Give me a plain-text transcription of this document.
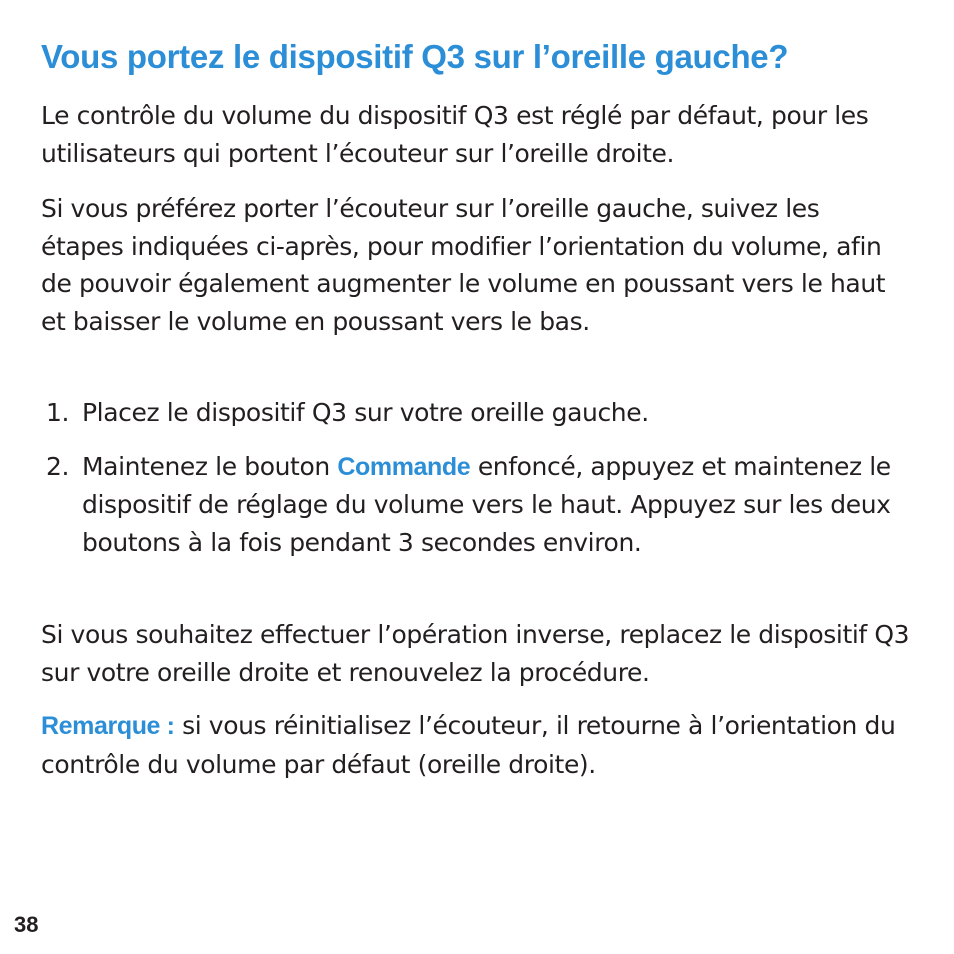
Vous portez le dispositif Q3 sur l’oreille gauche?

Le contrôle du volume du dispositif Q3 est réglé par défaut, pour les utilisateurs qui portent l’écouteur sur l’oreille droite.

Si vous préférez porter l’écouteur sur l’oreille gauche, suivez les étapes indiquées ci-après, pour modifier l’orientation du volume, afin de pouvoir également augmenter le volume en poussant vers le haut et baisser le volume en poussant vers le bas.

1. Placez le dispositif Q3 sur votre oreille gauche.
2. Maintenez le bouton Commande enfoncé, appuyez et maintenez le dispositif de réglage du volume vers le haut. Appuyez sur les deux boutons à la fois pendant 3 secondes environ.

Si vous souhaitez effectuer l’opération inverse, replacez le dispositif Q3 sur votre oreille droite et renouvelez la procédure.

Remarque : si vous réinitialisez l’écouteur, il retourne à l’orientation du contrôle du volume par défaut (oreille droite).

38
